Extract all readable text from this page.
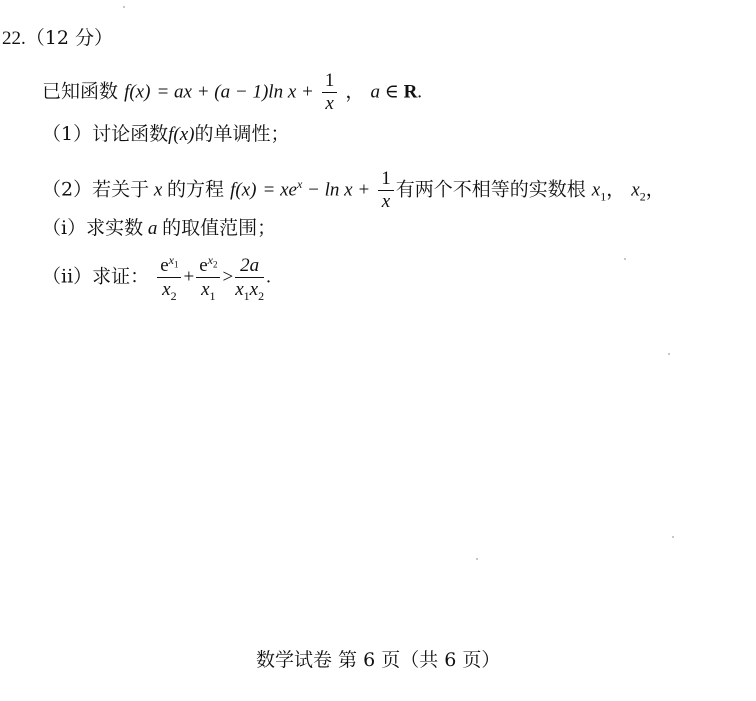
22.（12 分）
已知函数 f(x) = ax + (a − 1)ln $x + \frac{1}{x}$ ， a ∈ R.
（1）讨论函数f(x)的单调性；
（2）若关于 x 的方程 $f(x) = xe^x - \ln x + \frac{1}{x}$ 有两个不相等的实数根 $x_1$， $x_2$，
（i）求实数 a 的取值范围；
（ii）求证： $\frac{e^{x_1}}{x_2} + \frac{e^{x_2}}{x_1} > \frac{2a}{x_1x_2}$ .
数学试卷 第 6 页（共 6 页）
